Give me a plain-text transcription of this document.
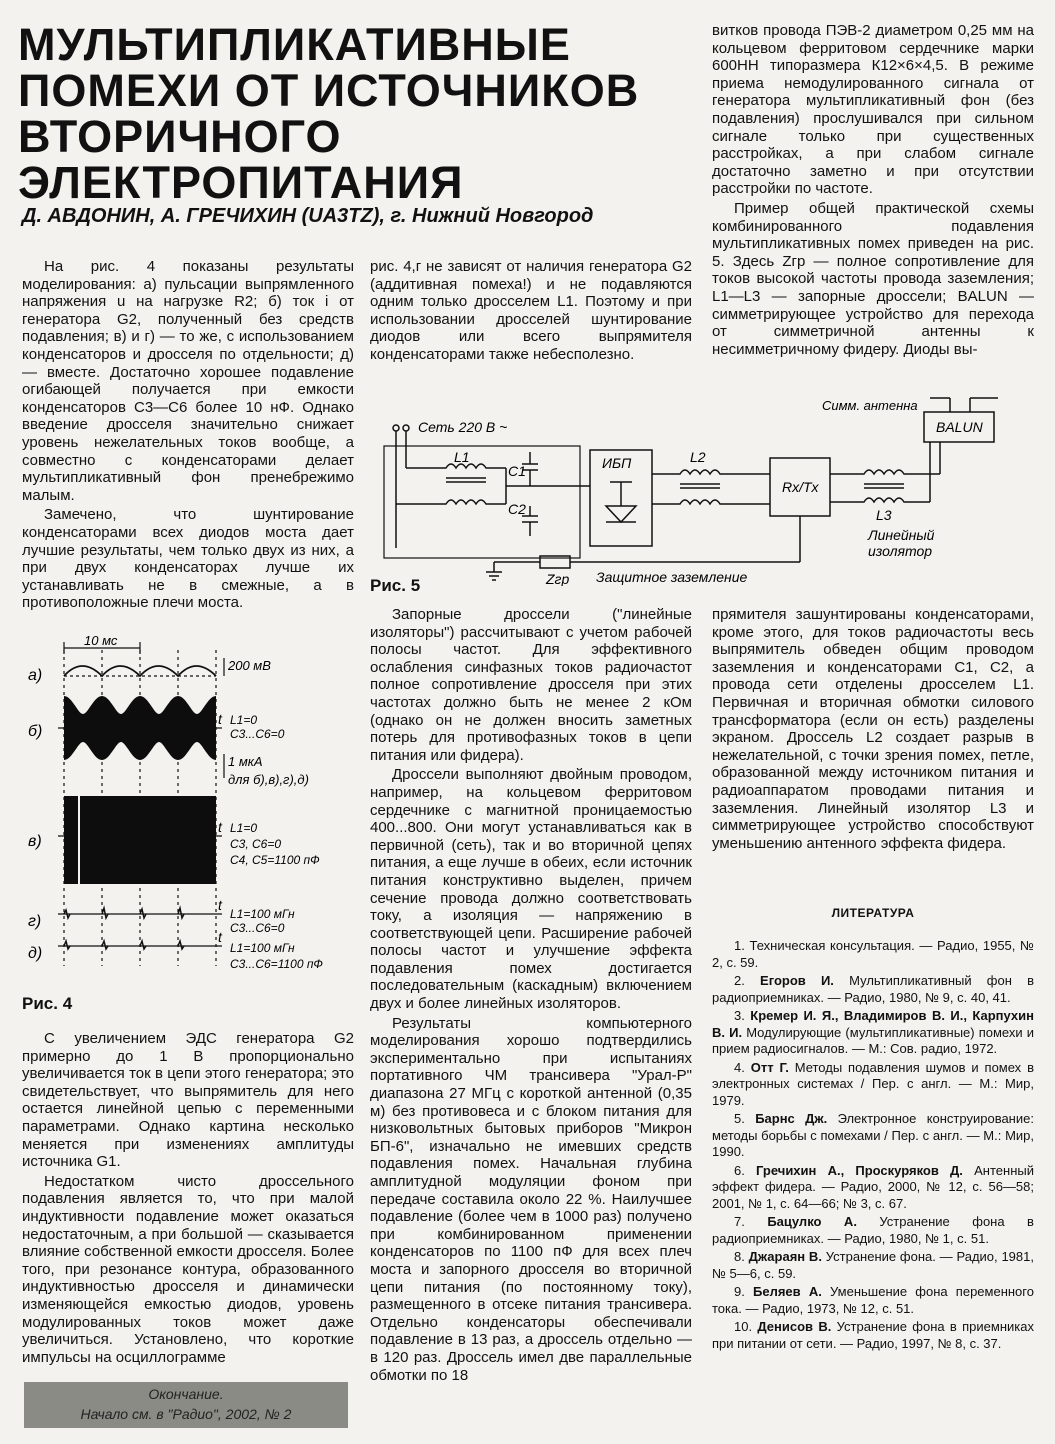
МУЛЬТИПЛИКАТИВНЫЕ
ПОМЕХИ ОТ ИСТОЧНИКОВ
ВТОРИЧНОГО
ЭЛЕКТРОПИТАНИЯ
Д. АВДОНИН, А. ГРЕЧИХИН (UA3TZ), г. Нижний Новгород

На рис. 4 показаны результаты моделирования: а) пульсации выпрямленного напряжения u на нагрузке R2; б) ток i от генератора G2, полученный без средств подавления; в) и г) — то же, с использованием конденсаторов и дросселя по отдельности; д) — вместе. Достаточно хорошее подавление огибающей получается при емкости конденсаторов C3—C6 более 10 нФ. Однако введение дросселя значительно снижает уровень нежелательных токов вообще, а совместно с конденсаторами делает мультипликативный фон пренебрежимо малым.

Замечено, что шунтирование конденсаторами всех диодов моста дает лучшие результаты, чем только двух из них, а при двух конденсаторах лучше их устанавливать не в смежные, а в противоположные плечи моста.

рис. 4,г не зависят от наличия генератора G2 (аддитивная помеха!) и не подавляются одним только дросселем L1. Поэтому и при использовании дросселей шунтирование диодов или всего выпрямителя конденсаторами также небесполезно.

витков провода ПЭВ-2 диаметром 0,25 мм на кольцевом ферритовом сердечнике марки 600НН типоразмера К12×6×4,5. В режиме приема немодулированного сигнала от генератора мультипликативный фон (без подавления) прослушивался при сильном сигнале только при существенных расстройках, а при слабом сигнале достаточно заметно и при отсутствии расстройки по частоте.

Пример общей практической схемы комбинированного подавления мультипликативных помех приведен на рис. 5. Здесь Zгр — полное сопротивление для токов высокой частоты провода заземления; L1—L3 — запорные дроссели; BALUN — симметрирующее устройство для перехода от симметричной антенны к несимметричному фидеру. Диоды вы-

10 мс
200 мВ
1 мкА
для б),в),г),д)
а)
б)
в)
г)
д)
t
t
t
t
L1=0
C3...C6=0
L1=0
C3, C6=0
C4, C5=1100 пФ
L1=100 мГн
C3...C6=0
L1=100 мГн
C3...C6=1100 пФ
Рис. 4
Сеть 220 В ~
L1
C1
C2
ИБП	L2
Rx/Tx
L3
Симм. антенна
BALUN
Линейный
изолятор
Zгр Защитное заземление
Рис. 5

С увеличением ЭДС генератора G2 примерно до 1 В пропорционально увеличивается ток в цепи этого генератора; это свидетельствует, что выпрямитель для него остается линейной цепью с переменными параметрами. Однако картина несколько меняется при изменениях амплитуды источника G1.

Недостатком чисто дроссельного подавления является то, что при малой индуктивности подавление может оказаться недостаточным, а при большой — сказывается влияние собственной емкости дросселя. Более того, при резонансе контура, образованного индуктивностью дросселя и динамически изменяющейся емкостью диодов, уровень модулированных токов может даже увеличиться. Установлено, что короткие импульсы на осциллограмме

Запорные дроссели ("линейные изоляторы") рассчитывают с учетом рабочей полосы частот. Для эффективного ослабления синфазных токов радиочастот полное сопротивление дросселя при этих частотах должно быть не менее 2 кОм (однако он не должен вносить заметных потерь для противофазных токов в цепи питания или фидера).

Дроссели выполняют двойным проводом, например, на кольцевом ферритовом сердечнике с магнитной проницаемостью 400...800. Они могут устанавливаться как в первичной (сеть), так и во вторичной цепях питания, а еще лучше в обеих, если источник питания конструктивно выделен, причем сечение провода должно соответствовать току, а изоляция — напряжению в соответствующей цепи. Расширение рабочей полосы частот и улучшение эффекта подавления помех достигается последовательным (каскадным) включением двух и более линейных изоляторов.

Результаты компьютерного моделирования хорошо подтвердились экспериментально при испытаниях портативного ЧМ трансивера "Урал-Р" диапазона 27 МГц с короткой антенной (0,35 м) без противовеса и с блоком питания для низковольтных бытовых приборов "Микрон БП-6", изначально не имевших средств подавления помех. Начальная глубина амплитудной модуляции фоном при передаче составила около 22 %. Наилучшее подавление (более чем в 1000 раз) получено при комбинированном применении конденсаторов по 1100 пФ для всех плеч моста и запорного дросселя во вторичной цепи питания (по постоянному току), размещенного в отсеке питания трансивера. Отдельно конденсаторы обеспечивали подавление в 13 раз, а дроссель отдельно — в 120 раз. Дроссель имел две параллельные обмотки по 18

прямителя зашунтированы конденсаторами, кроме этого, для токов радиочастоты весь выпрямитель обведен общим проводом заземления и конденсаторами C1, C2, а провода сети отделены дросселем L1. Первичная и вторичная обмотки силового трансформатора (если он есть) разделены экраном. Дроссель L2 создает разрыв в нежелательной, с точки зрения помех, петле, образованной между источником питания и радиоаппаратом проводами питания и заземления. Линейный изолятор L3 и симметрирующее устройство способствуют уменьшению антенного эффекта фидера.

ЛИТЕРАТУРА

1. Техническая консультация. — Радио, 1955, № 2, с. 59.

2. Егоров И. Мультипликативный фон в радиоприемниках. — Радио, 1980, № 9, с. 40, 41.

3. Кремер И. Я., Владимиров В. И., Карпухин В. И. Модулирующие (мультипликативные) помехи и прием радиосигналов. — М.: Сов. радио, 1972.

4. Отт Г. Методы подавления шумов и помех в электронных системах / Пер. с англ. — М.: Мир, 1979.

5. Барнс Дж. Электронное конструирование: методы борьбы с помехами / Пер. с англ. — М.: Мир, 1990.

6. Гречихин А., Проскуряков Д. Антенный эффект фидера. — Радио, 2000, № 12, с. 56—58; 2001, № 1, с. 64—66; № 3, с. 67.

7. Бацулко А. Устранение фона в радиоприемниках. — Радио, 1980, № 1, с. 51.

8. Джараян В. Устранение фона. — Радио, 1981, № 5—6, с. 59.

9. Беляев А. Уменьшение фона переменного тока. — Радио, 1973, № 12, с. 51.

10. Денисов В. Устранение фона в приемниках при питании от сети. — Радио, 1997, № 8, с. 37.

Окончание.
Начало см. в "Радио", 2002, № 2
